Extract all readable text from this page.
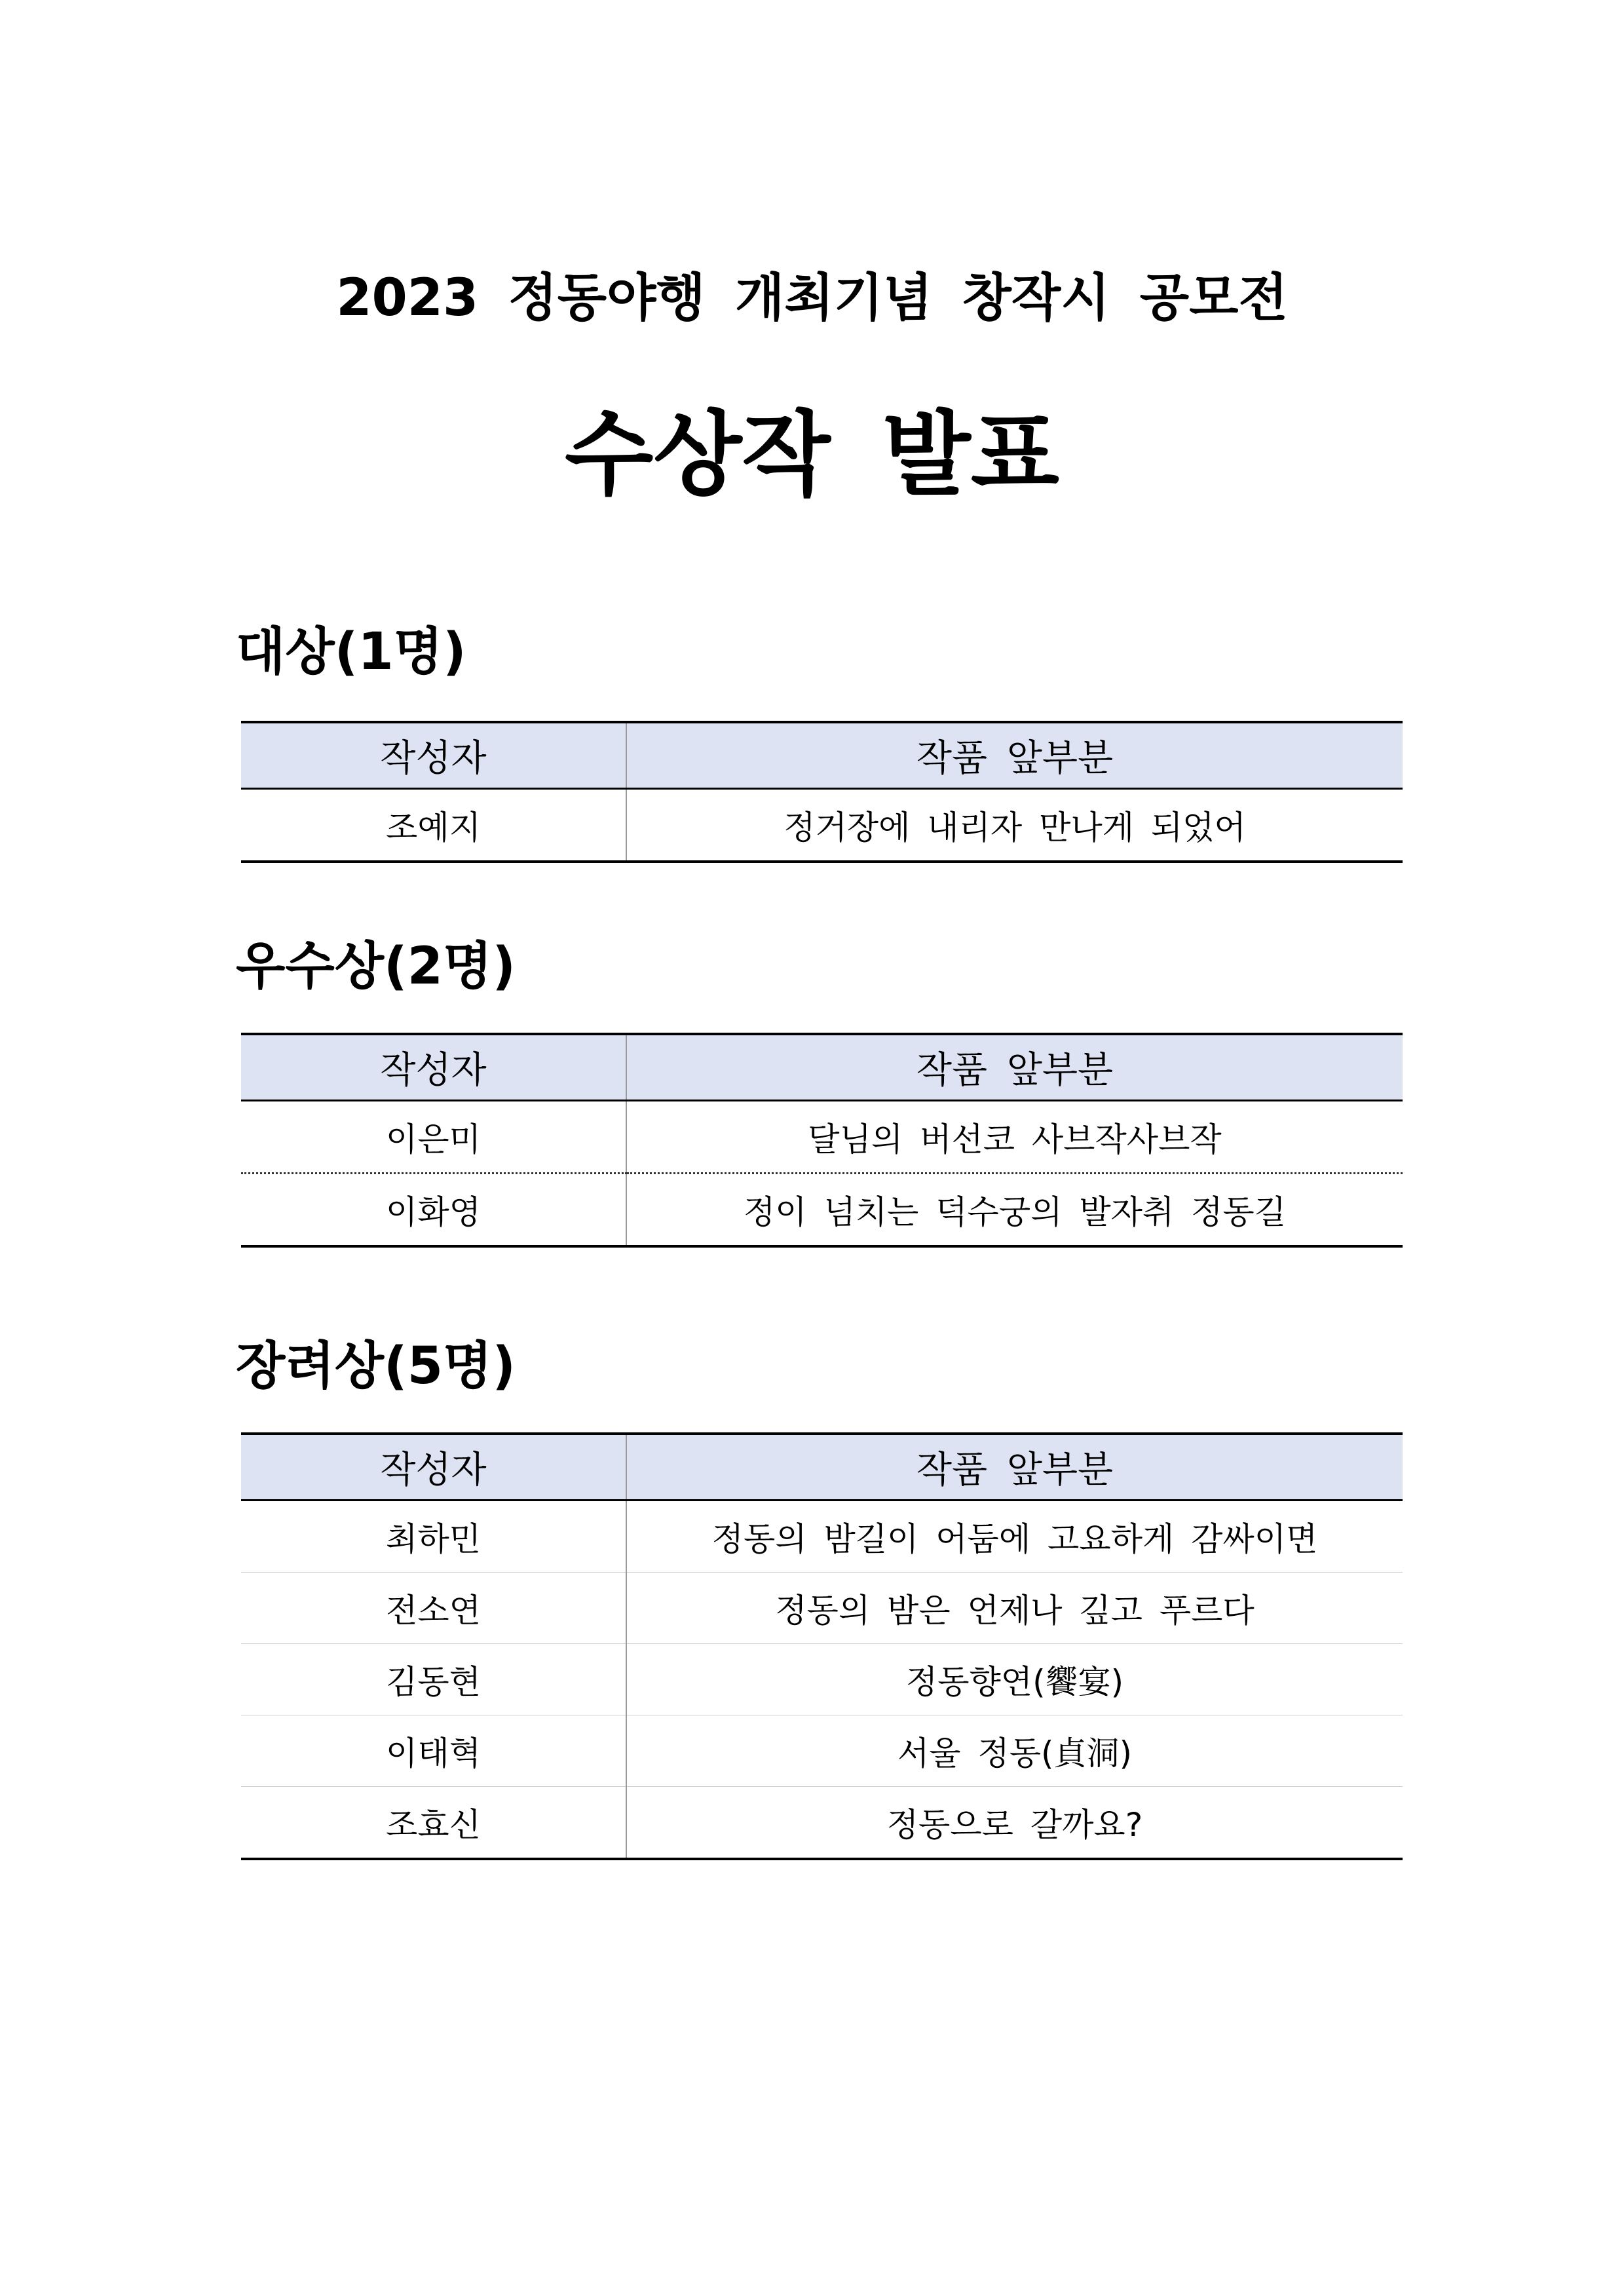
2023 정동야행 개최기념 창작시 공모전
수상작 발표
대상(1명)
작성자	작품 앞부분
조예지	정거장에 내리자 만나게 되었어
우수상(2명)
작성자	작품 앞부분
이은미	달님의 버선코 사브작사브작
이화영	정이 넘치는 덕수궁의 발자취 정동길
장려상(5명)
작성자	작품 앞부분
최하민	정동의 밤길이 어둠에 고요하게 감싸이면
전소연	정동의 밤은 언제나 깊고 푸르다
김동현	정동향연(饗宴)
이태혁	서울 정동(貞洞)
조효신	정동으로 갈까요?
